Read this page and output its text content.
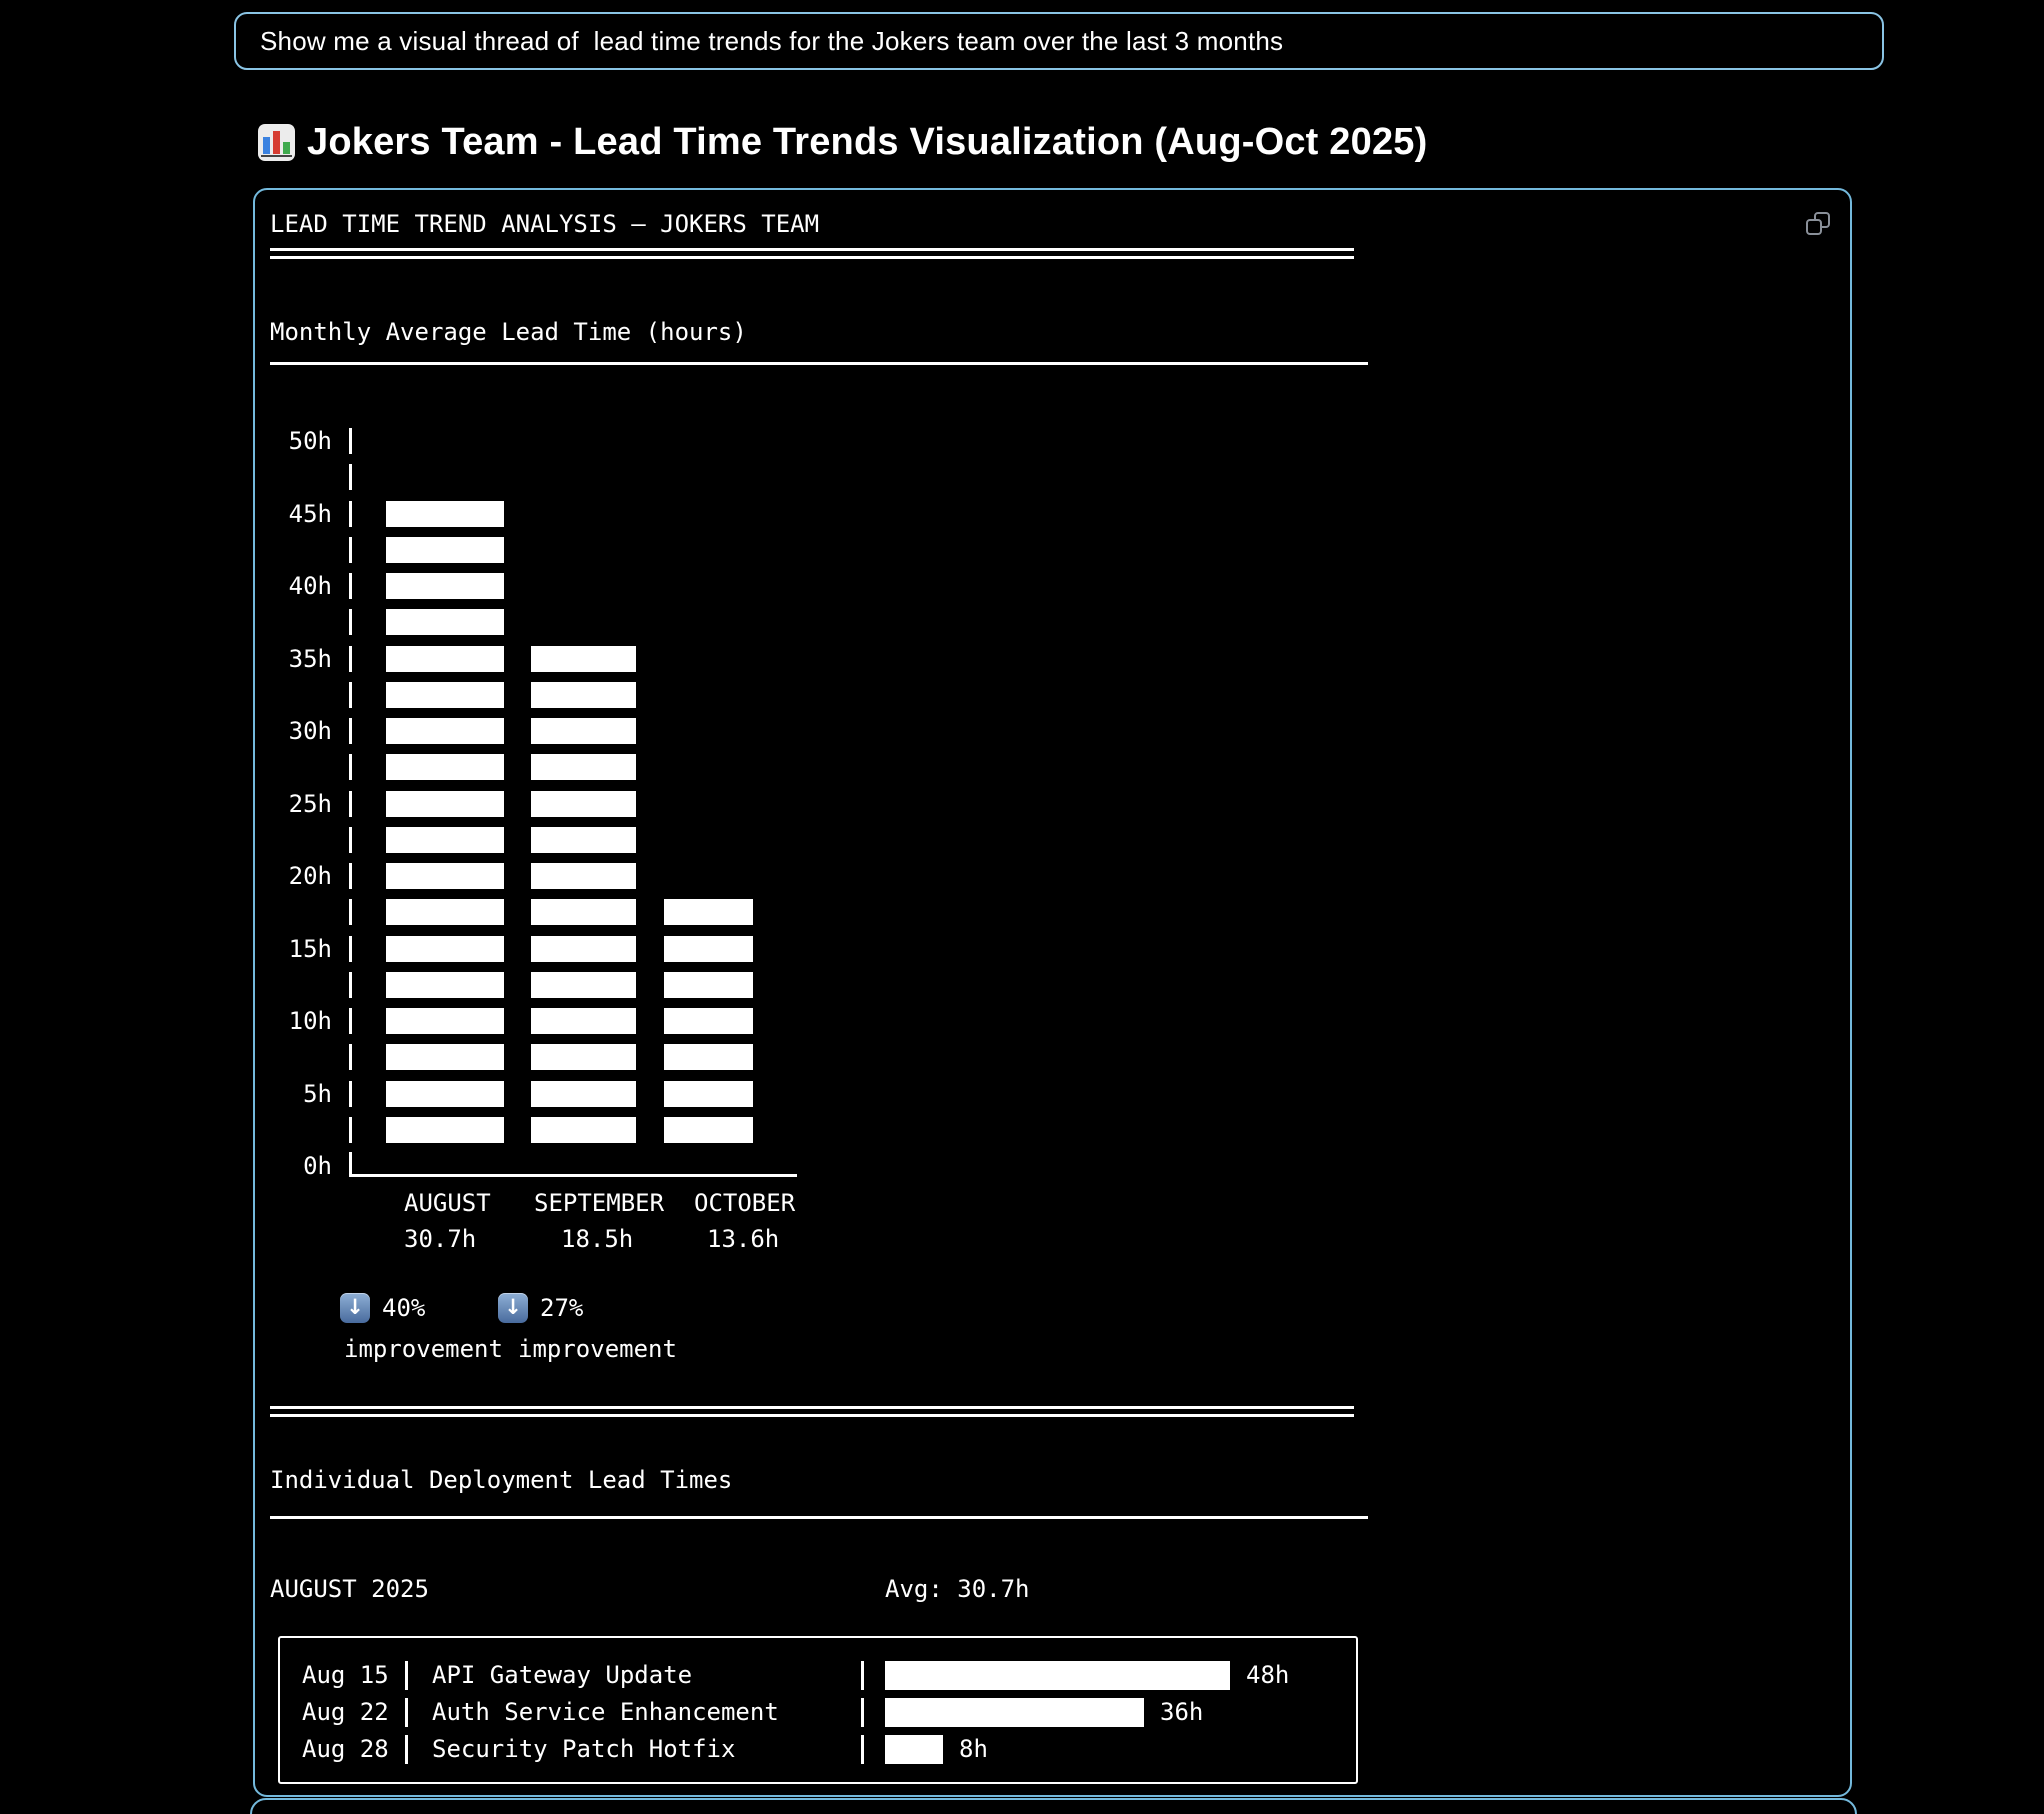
Show me a visual thread of  lead time trends for the Jokers team over the last 3 months
Jokers Team - Lead Time Trends Visualization (Aug-Oct 2025)
LEAD TIME TREND ANALYSIS — JOKERS TEAM
Monthly Average Lead Time (hours)
50h
45h
40h
35h
30h
25h
20h
15h
10h
5h
0h
AUGUST SEPTEMBER OCTOBER
30.7h	18.5h	13.6h
↓
40% ↓	27%
improvement improvement
Individual Deployment Lead Times
AUGUST 2025	Avg: 30.7h
Aug 15 API Gateway Update	48h
Aug 22 Auth Service Enhancement	36h
Aug 28 Security Patch Hotfix	8h
